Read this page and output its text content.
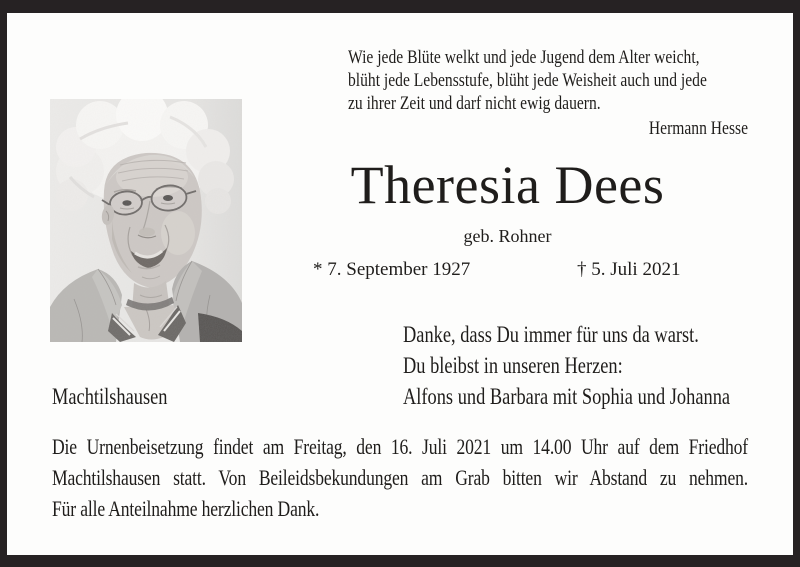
Wie jede Blüte welkt und jede Jugend dem Alter weicht,
blüht jede Lebensstufe, blüht jede Weisheit auch und jede
zu ihrer Zeit und darf nicht ewig dauern.
Hermann Hesse
Theresia Dees
geb. Rohner
* 7. September 1927	† 5. Juli 2021
Danke, dass Du immer für uns da warst.
Du bleibst in unseren Herzen:
Machtilshausen	Alfons und Barbara mit Sophia und Johanna
Die Urnenbeisetzung findet am Freitag, den 16. Juli 2021 um 14.00 Uhr auf dem Friedhof
Machtilshausen statt. Von Beileidsbekundungen am Grab bitten wir Abstand zu nehmen.
Für alle Anteilnahme herzlichen Dank.
